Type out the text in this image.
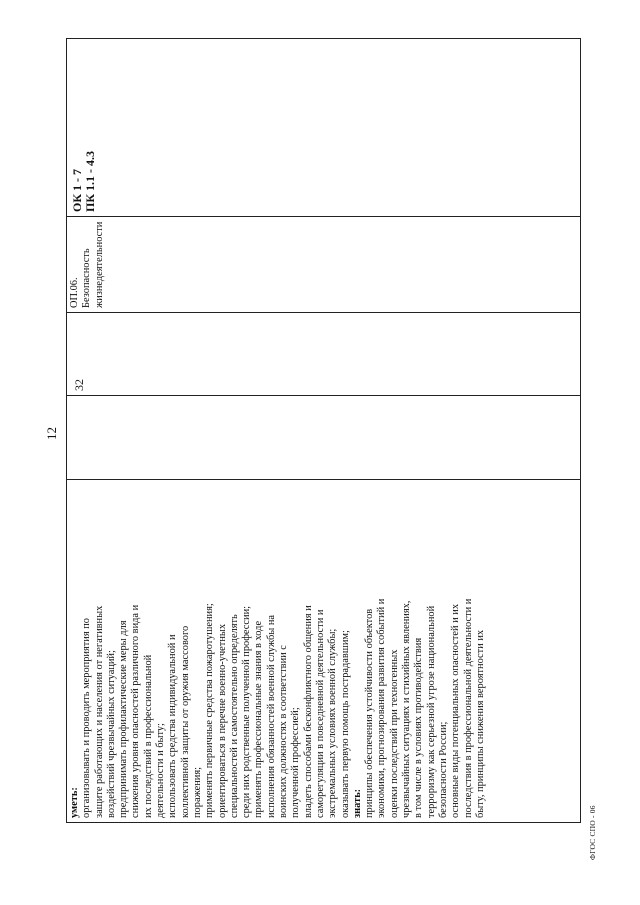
12
уметь: организовывать и проводить мероприятия по защите работающих и населения от негативных воздействий чрезвычайных ситуаций; предпринимать профилактические меры для снижения уровня опасностей различного вида и их последствий в профессиональной деятельности и быту; использовать средства индивидуальной и коллективной защиты от оружия массового поражения; применять первичные средства пожаротушения; ориентироваться в перечне военно-учетных специальностей и самостоятельно определять среди них родственные полученной профессии; применять профессиональные знания в ходе исполнения обязанностей военной службы на воинских должностях в соответствии с полученной профессией; владеть способами бесконфликтного общения и саморегуляции в повседневной деятельности и экстремальных условиях военной службы; оказывать первую помощь пострадавшим; знать: принципы обеспечения устойчивости объектов экономики, прогнозирования развития событий и оценки последствий при техногенных чрезвычайных ситуациях и стихийных явлениях, в том числе в условиях противодействия терроризму как серьезной угрозе национальной безопасности России; основные виды потенциальных опасностей и их последствия в профессиональной деятельности и быту, принципы снижения вероятности их
32
ОП.06. Безопасность жизнедеятельности
ОК 1 - 7 ПК 1.1 - 4.3
ФГОС СПО - 06
